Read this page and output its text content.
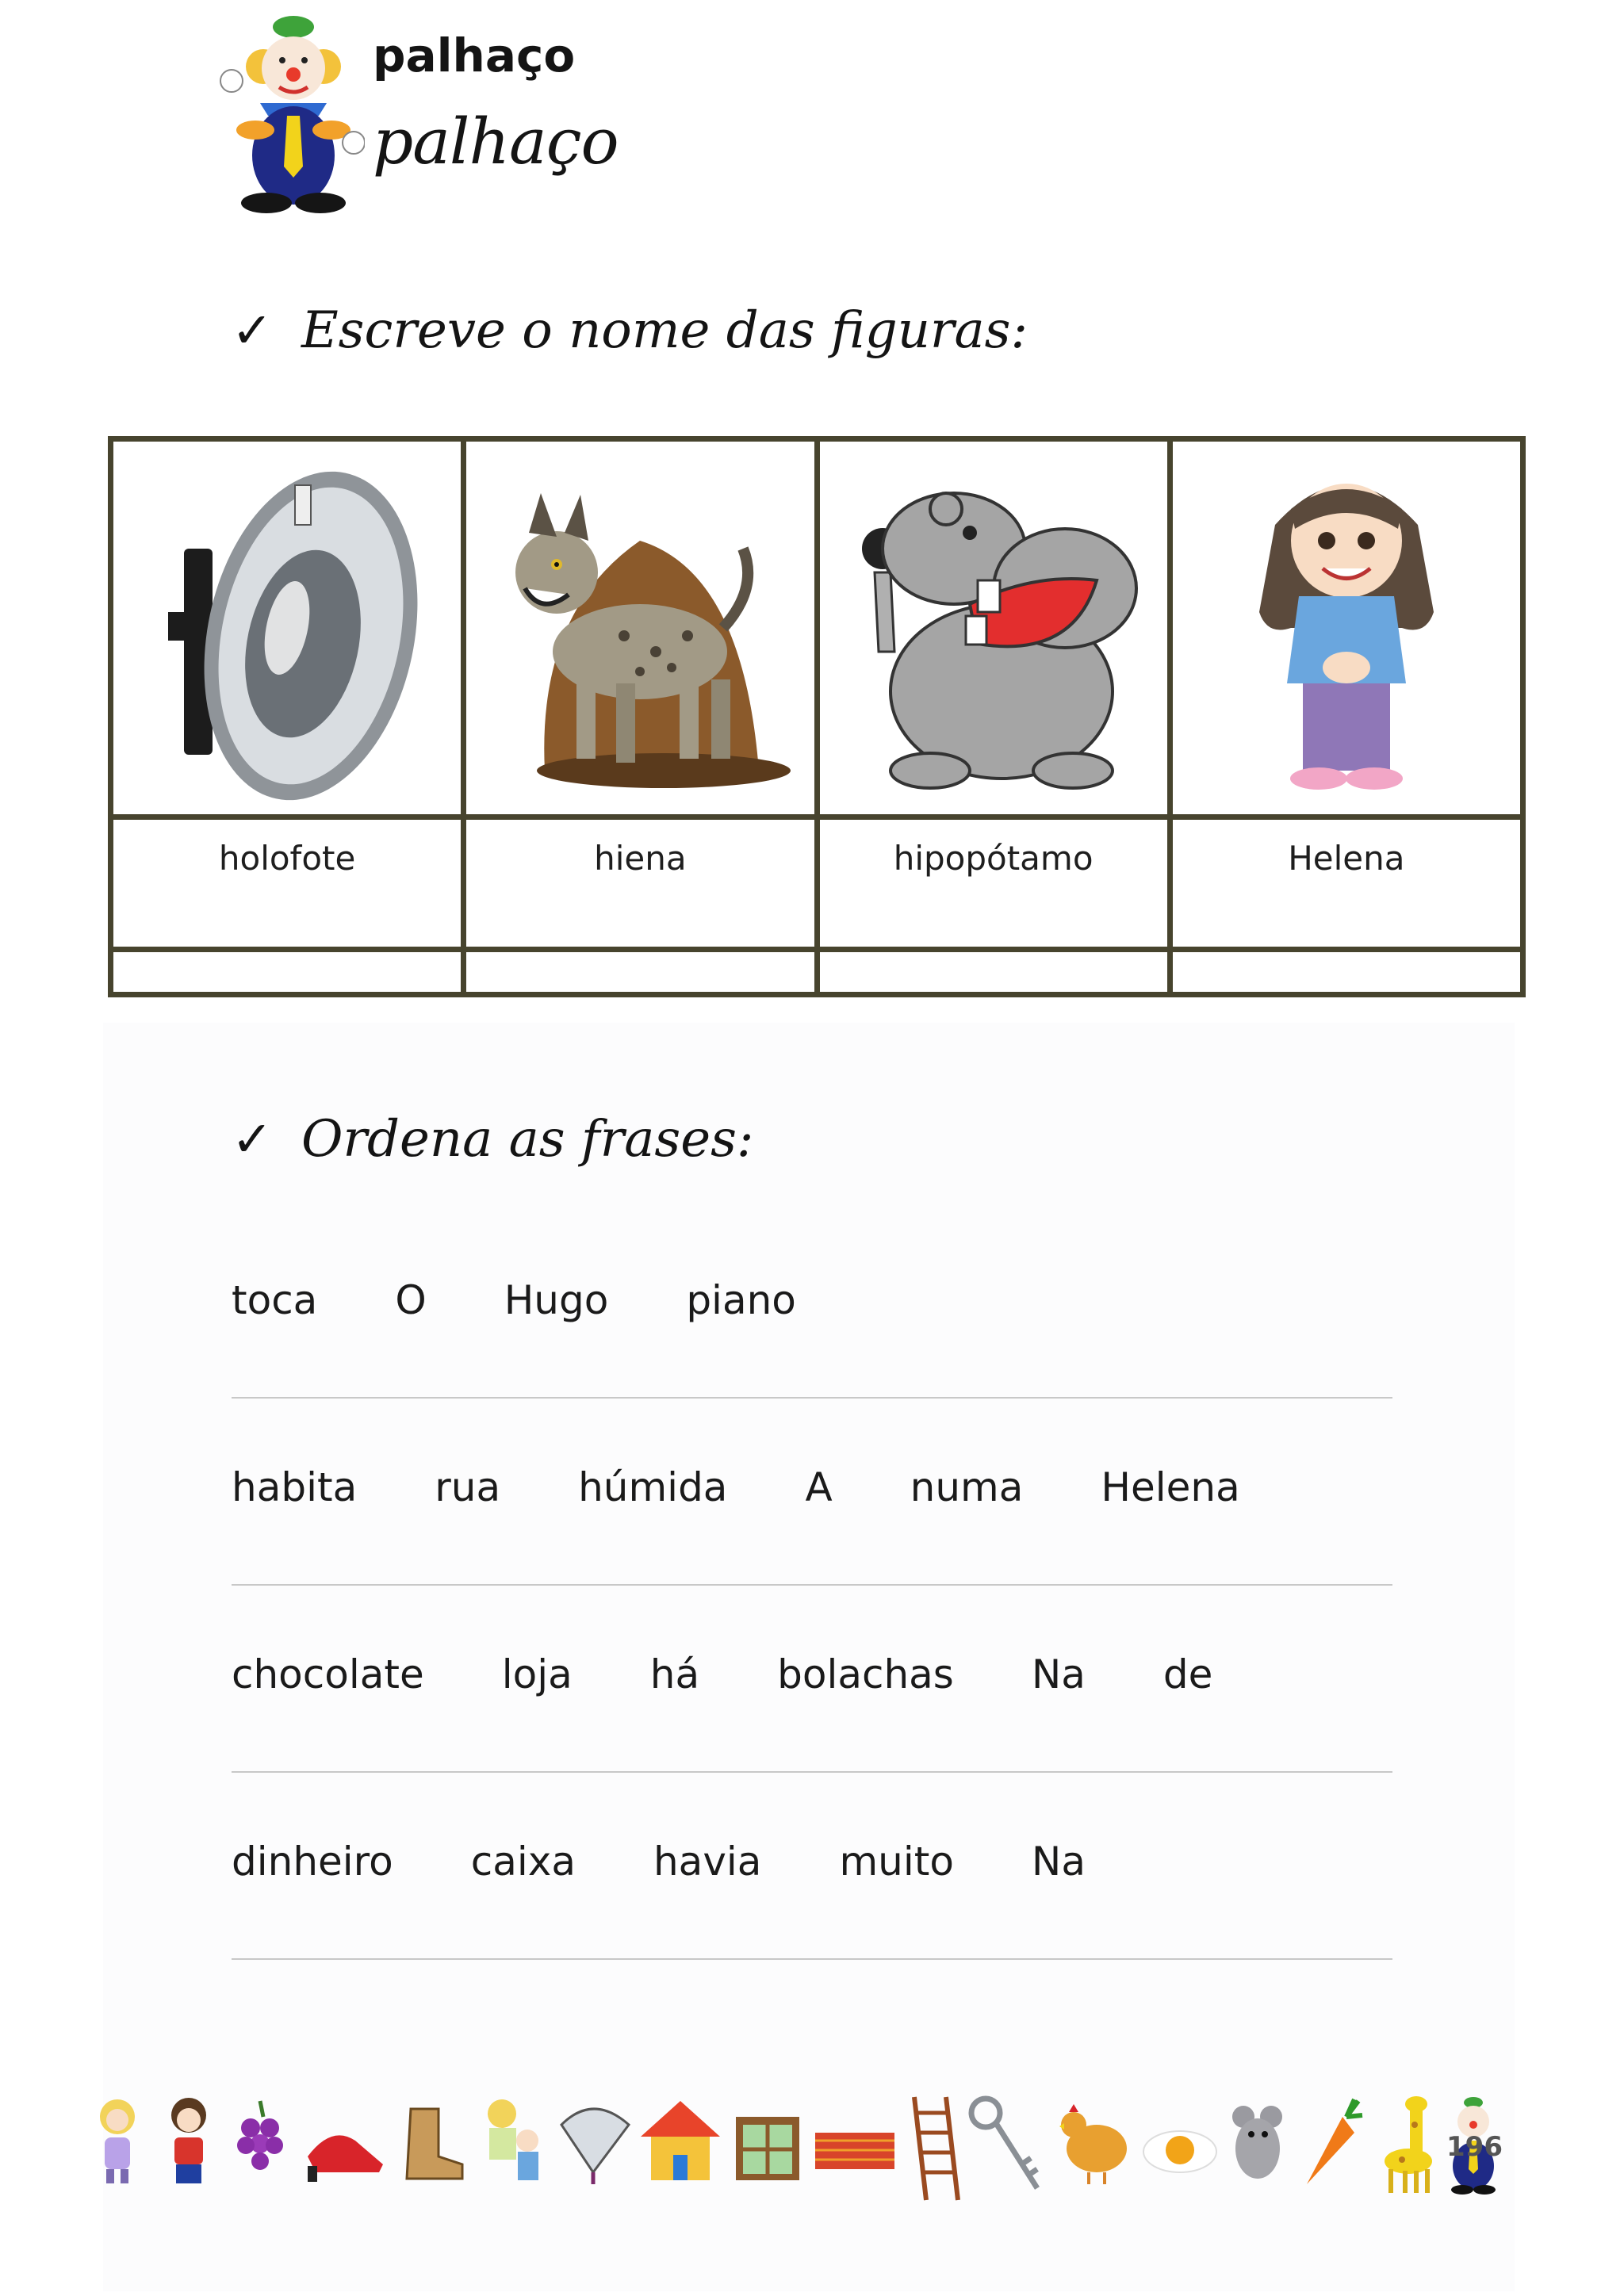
palhaço
palhaço
✓ Escreve o nome das figuras:
holofote	hiena	hipopótamo	Helena
✓ Ordena as frases:
toca O Hugo piano
habita rua húmida A numa Helena
chocolate loja há bolachas Na de
dinheiro caixa havia muito Na
196
